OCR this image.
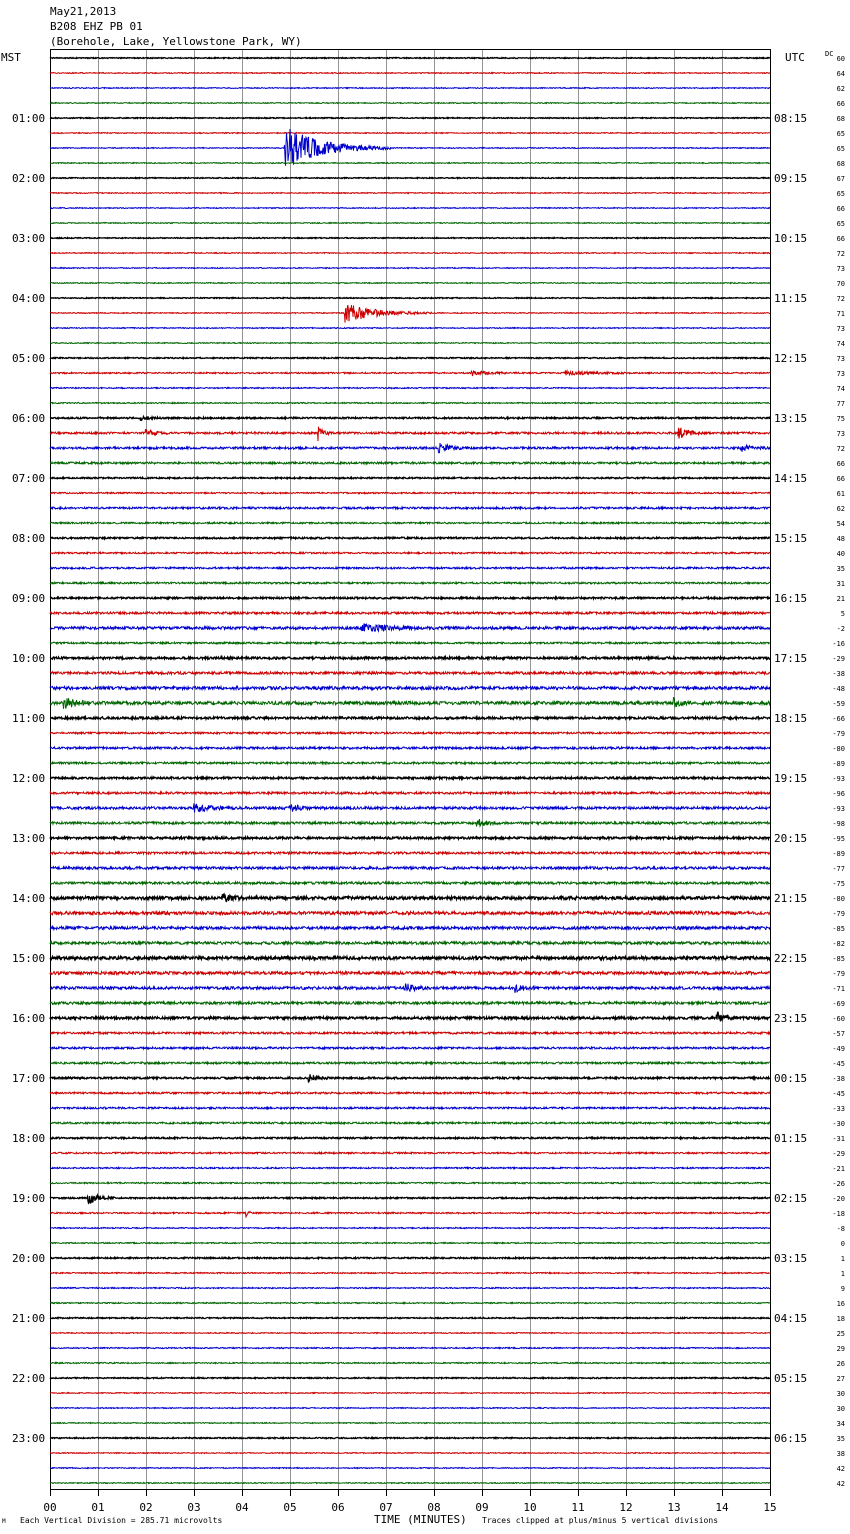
May21,2013
B208 EHZ PB 01
(Borehole, Lake, Yellowstone Park, WY)
MST	UTC	DC
01:00
02:00
03:00
04:00
05:00
06:00
07:00
08:00
09:00
10:00
11:00
12:00
13:00
14:00
15:00
16:00
17:00
18:00
19:00
20:00
21:00
22:00
23:00
08:15
09:15
10:15
11:15
12:15
13:15
14:15
15:15
16:15
17:15
18:15
19:15
20:15
21:15
22:15
23:15
00:15
01:15
02:15
03:15
04:15
05:15
06:15
60
64
62
66
68
65
65
68
67
65
66
65
66
72
73
70
72
71
73
74
73
73
74
77
75
73
72
66
66
61
62
54
48
40
35
31
21
5
-2
-16
-29
-38
-48
-59
-66
-79
-80
-89
-93
-96
-93
-98
-95
-89
-77
-75
-80
-79
-85
-82
-85
-79
-71
-69
-60
-57
-49
-45
-38
-45
-33
-30
-31
-29
-21
-26
-20
-18
-8
0
1
1
9
16
18
25
29
26
27
30
30
34
35
38
42
42
00	01	02	03	04	05	06	07	08	09	10	11	12	13	14	15
M Each Vertical Division = 285.71 microvolts	TIME (MINUTES) Traces clipped at plus/minus 5 vertical divisions
